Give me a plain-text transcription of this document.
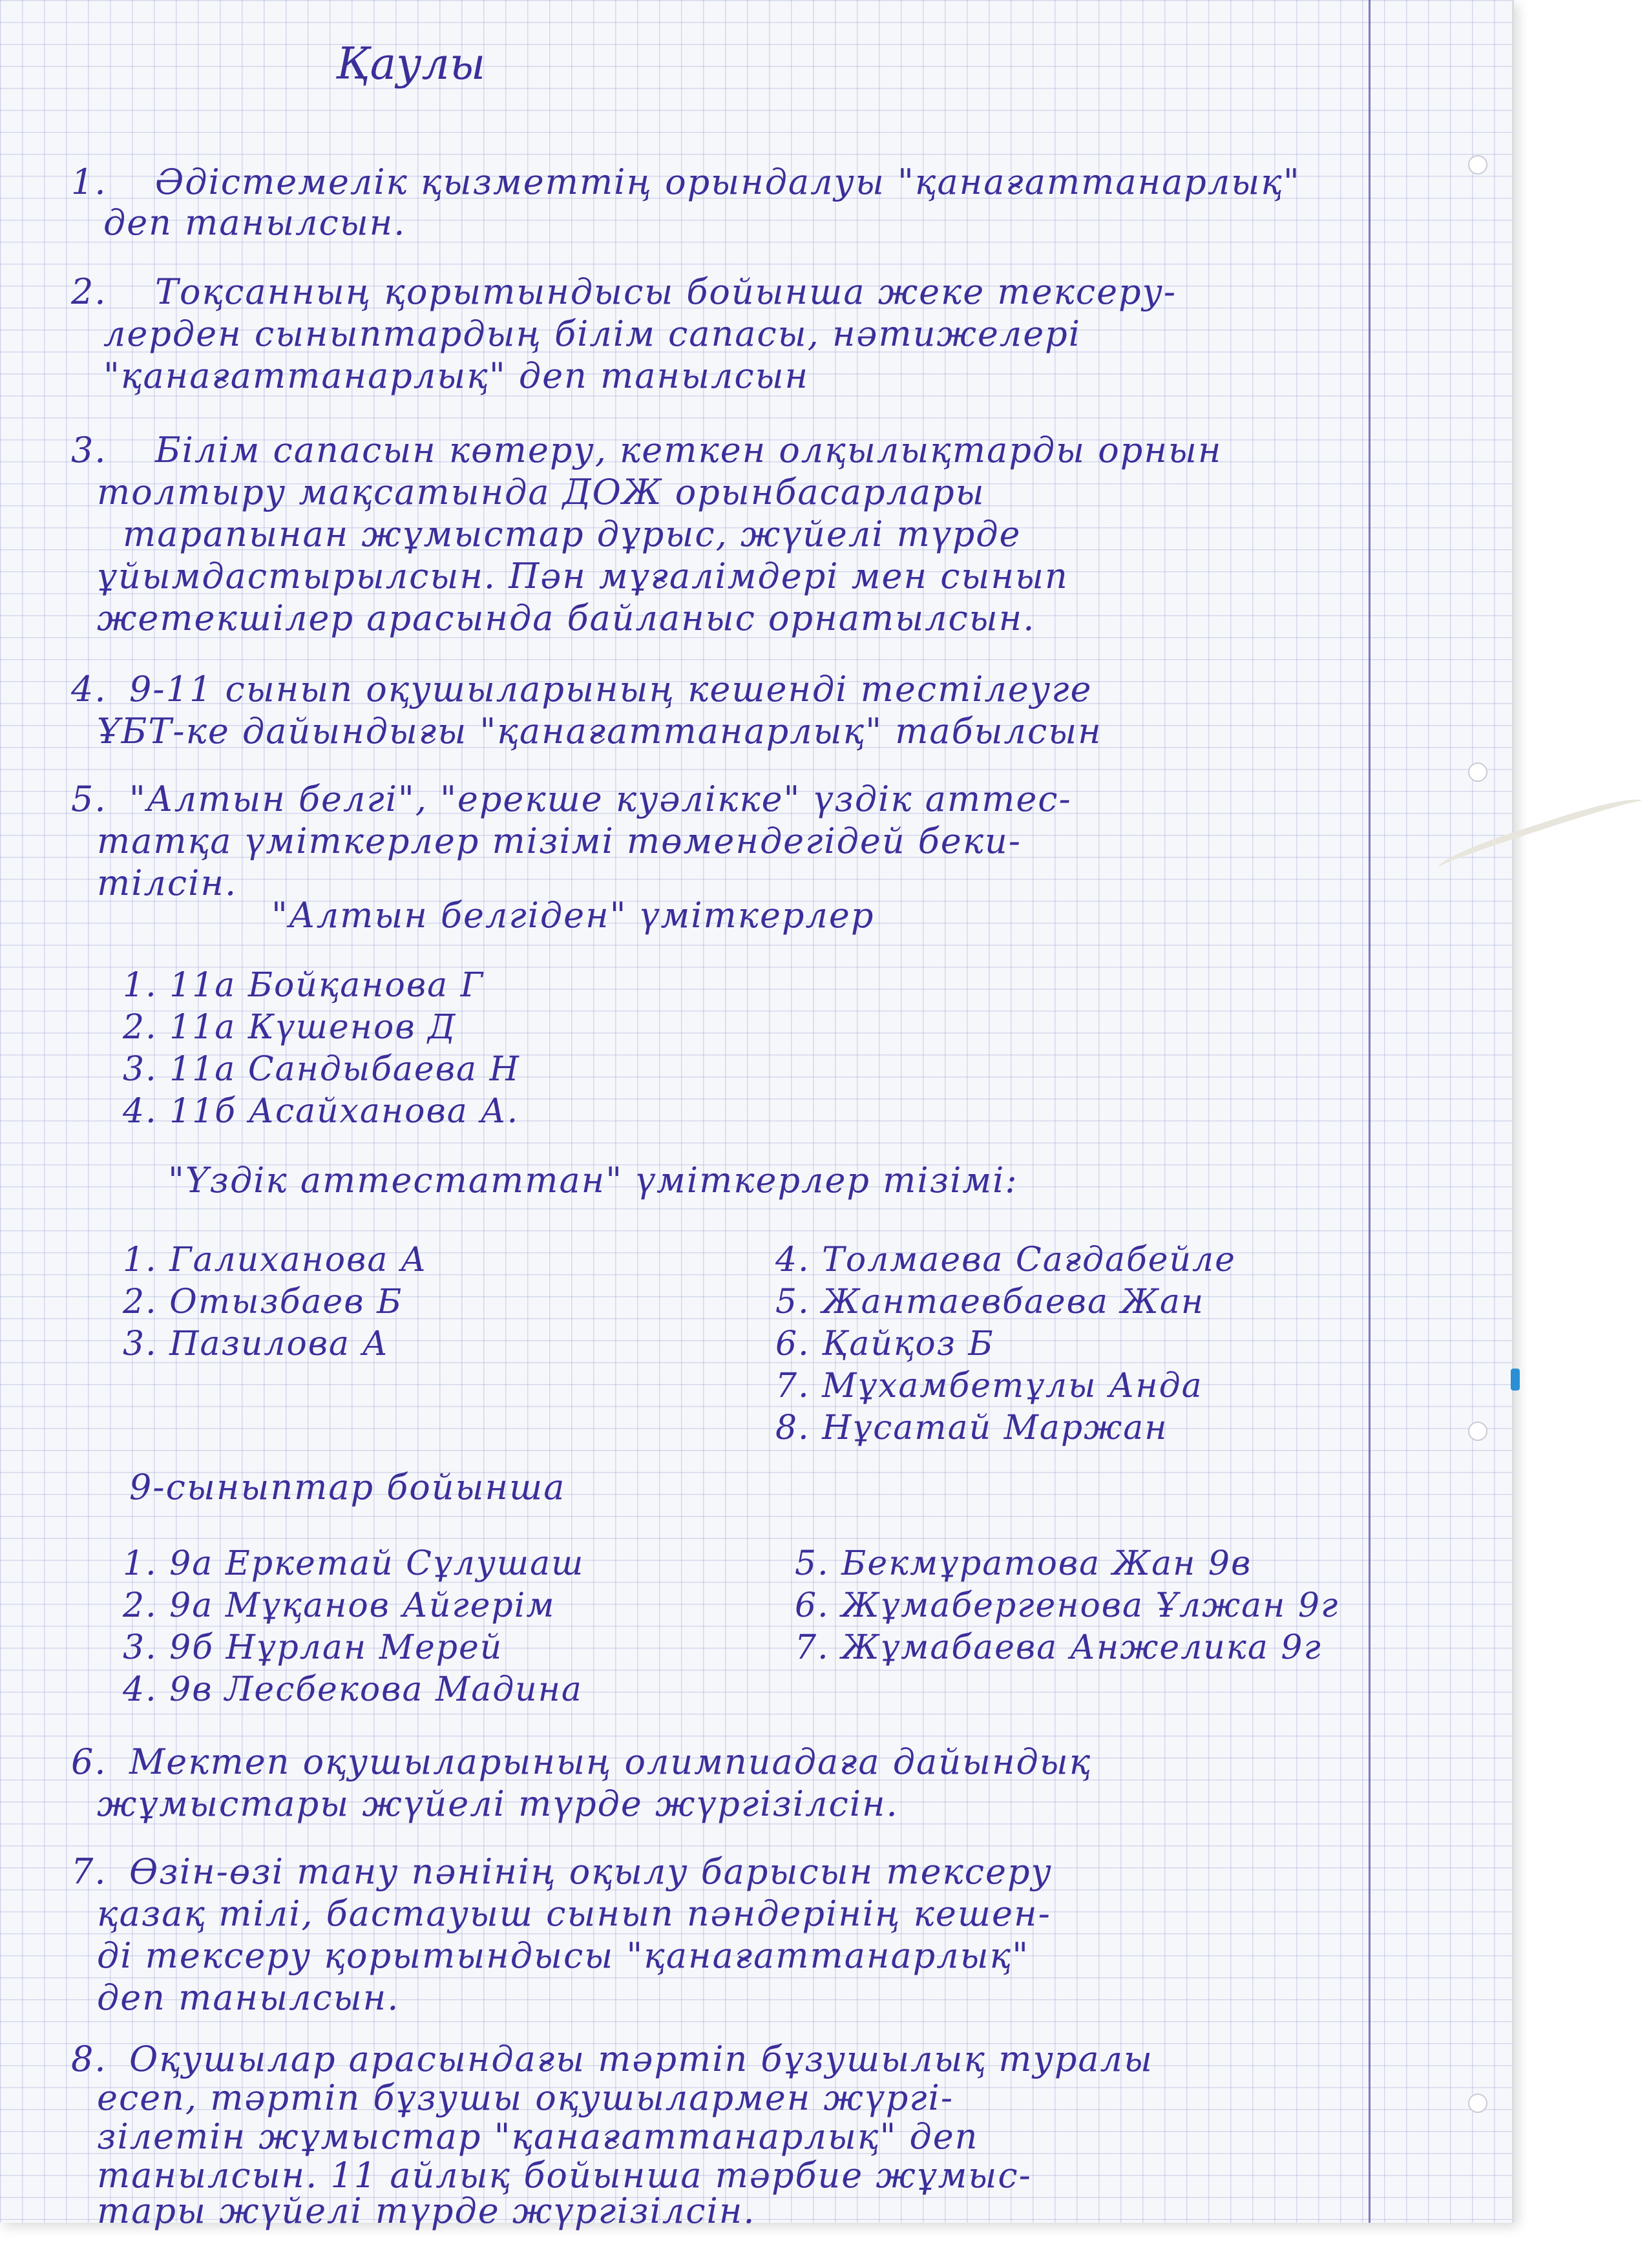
Қаулы
1. Әдістемелік қызметтің орындалуы "қанағаттанарлық"
деп танылсын.
2. Тоқсанның қорытындысы бойынша жеке тексеру-
лерден сыныптардың білім сапасы, нәтижелері
"қанағаттанарлық" деп танылсын
3. Білім сапасын көтеру, кеткен олқылықтарды орнын
толтыру мақсатында ДОЖ орынбасарлары
тарапынан жұмыстар дұрыс, жүйелі түрде
ұйымдастырылсын. Пән мұғалімдері мен сынып
жетекшілер арасында байланыс орнатылсын.
4. 9-11 сынып оқушыларының кешенді тестілеуге
ҰБТ-ке дайындығы "қанағаттанарлық" табылсын
5. "Алтын белгі", "ерекше куәлікке" үздік аттес-
татқа үміткерлер тізімі төмендегідей беки-
тілсін.
"Алтын белгіден" үміткерлер
1. 11а Бойқанова Г
2. 11а Күшенов Д
3. 11а Сандыбаева Н
4. 11б Асайханова А.
"Үздік аттестаттан" үміткерлер тізімі:
1. Галиханова А
2. Отызбаев Б
3. Пазилова А
4. Толмаева Сағдабейле
5. Жантаевбаева Жан
6. Қайқоз Б
7. Мұхамбетұлы Анда
8. Нұсатай Маржан
9-сыныптар бойынша
1. 9а Еркетай Сұлушаш
2. 9а Мұқанов Айгерім
3. 9б Нұрлан Мерей
4. 9в Лесбекова Мадина
5. Бекмұратова Жан 9в
6. Жұмабергенова Ұлжан 9г
7. Жұмабаева Анжелика 9г
6. Мектеп оқушыларының олимпиадаға дайындық
жұмыстары жүйелі түрде жүргізілсін.
7. Өзін-өзі тану пәнінің оқылу барысын тексеру
қазақ тілі, бастауыш сынып пәндерінің кешен-
ді тексеру қорытындысы "қанағаттанарлық"
деп танылсын.
8. Оқушылар арасындағы тәртіп бұзушылық туралы
есеп, тәртіп бұзушы оқушылармен жүргі-
зілетін жұмыстар "қанағаттанарлық" деп
танылсын. 11 айлық бойынша тәрбие жұмыс-
тары жүйелі түрде жүргізілсін.
